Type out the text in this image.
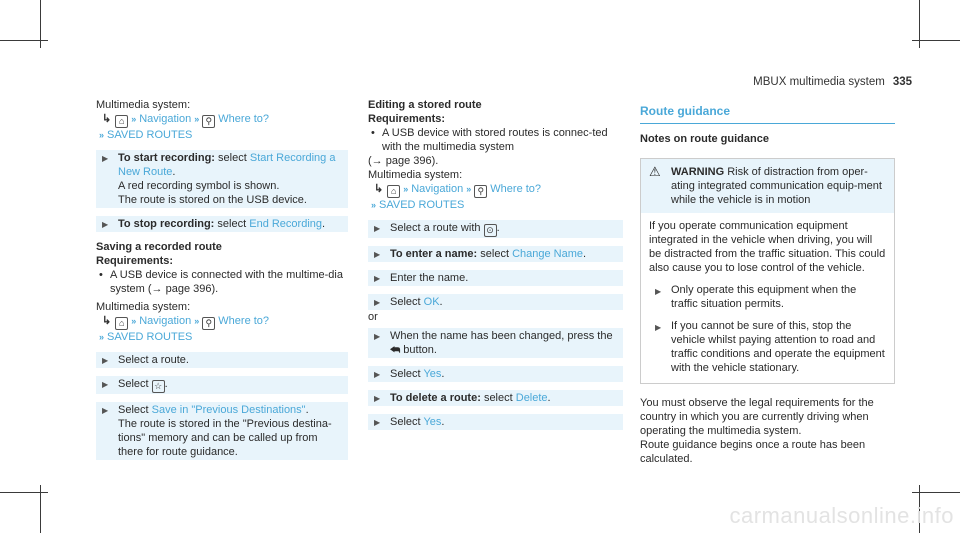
MBUX multimedia system 335
Multimedia system:
↳ ⌂ » Navigation » ⚲ Where to?
» SAVED ROUTES
▶ To start recording: select Start Recording a New Route.
A red recording symbol is shown.
The route is stored on the USB device.
▶ To stop recording: select End Recording.
Saving a recorded route
Requirements:
• A USB device is connected with the multime-dia system (→ page 396).
Multimedia system:
↳ ⌂ » Navigation » ⚲ Where to?
» SAVED ROUTES
▶ Select a route.
▶ Select ☆ .
▶ Select Save in "Previous Destinations".
The route is stored in the "Previous destina-tions" memory and can be called up from there for route guidance.
Editing a stored route
Requirements:
• A USB device with stored routes is connec-ted with the multimedia system
(→ page 396).
Multimedia system:
↳ ⌂ » Navigation » ⚲ Where to?
» SAVED ROUTES
▶ Select a route with ⊙ .
▶ To enter a name: select Change Name.
▶ Enter the name.
▶ Select OK.
or
▶ When the name has been changed, press the
⮪ button.
▶ Select Yes.
▶ To delete a route: select Delete.
▶ Select Yes.
Route guidance
Notes on route guidance
⚠ WARNING Risk of distraction from oper-ating integrated communication equip-ment while the vehicle is in motion
If you operate communication equipment integrated in the vehicle when driving, you will be distracted from the traffic situation. This could also cause you to lose control of the vehicle.
▶ Only operate this equipment when the traffic situation permits.
▶ If you cannot be sure of this, stop the vehicle whilst paying attention to road and traffic conditions and operate the equipment with the vehicle stationary.
You must observe the legal requirements for the country in which you are currently driving when operating the multimedia system.
Route guidance begins once a route has been calculated.
carmanualsonline.info
